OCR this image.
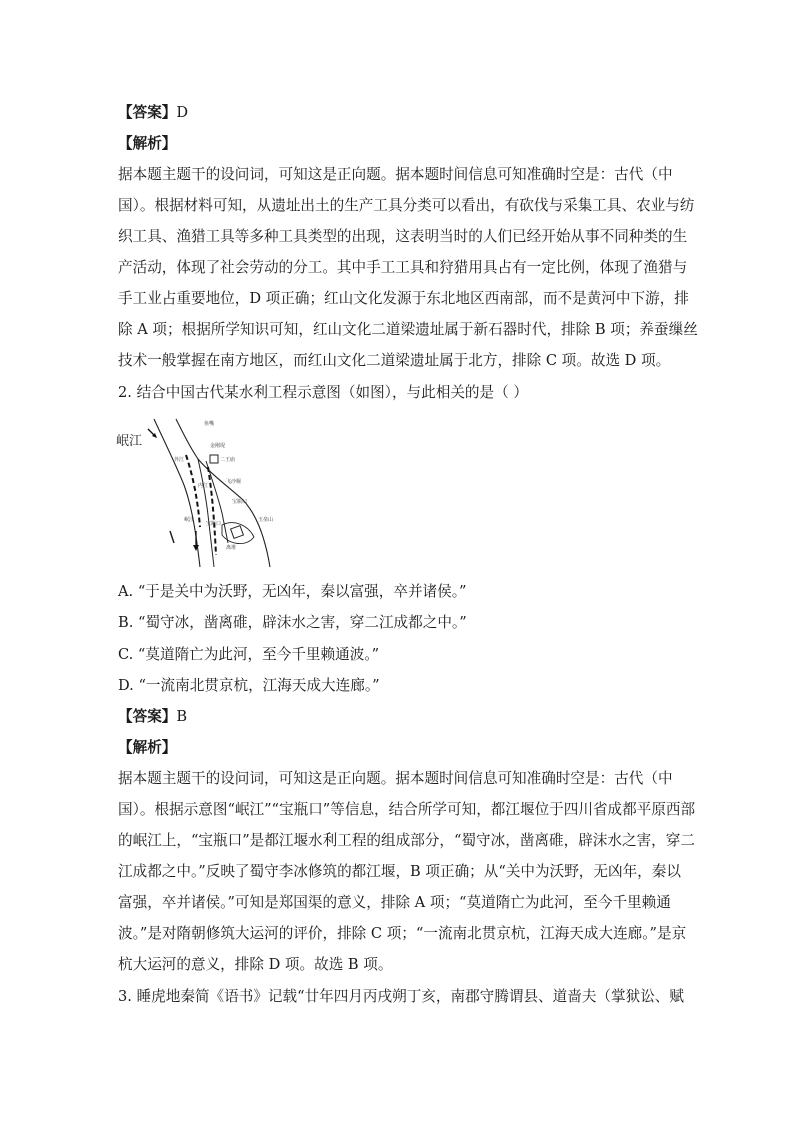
【答案】D
【解析】
据本题主题干的设问词，可知这是正向题。据本题时间信息可知准确时空是：古代（中
国）。根据材料可知，从遗址出土的生产工具分类可以看出，有砍伐与采集工具、农业与纺
织工具、渔猎工具等多种工具类型的出现，这表明当时的人们已经开始从事不同种类的生
产活动，体现了社会劳动的分工。其中手工工具和狩猎用具占有一定比例，体现了渔猎与
手工业占重要地位，D 项正确；红山文化发源于东北地区西南部，而不是黄河中下游，排
除 A 项；根据所学知识可知，红山文化二道梁遗址属于新石器时代，排除 B 项；养蚕缫丝
技术一般掌握在南方地区，而红山文化二道梁遗址属于北方，排除 C 项。故选 D 项。
2. 结合中国古代某水利工程示意图（如图），与此相关的是（ ）
岷江
鱼嘴
金刚堤
二王庙
飞沙堰
宝瓶口
玉垒山
离堆
内江
外江
岷江
宝瓶口
A. “于是关中为沃野，无凶年，秦以富强，卒并诸侯。”
B. “蜀守冰，凿离碓，辟沫水之害，穿二江成都之中。”
C. “莫道隋亡为此河，至今千里赖通波。”
D. “一流南北贯京杭，江海天成大连廊。”
【答案】B
【解析】
据本题主题干的设问词，可知这是正向题。据本题时间信息可知准确时空是：古代（中
国）。根据示意图“岷江”“宝瓶口”等信息，结合所学可知，都江堰位于四川省成都平原西部
的岷江上，“宝瓶口”是都江堰水利工程的组成部分，“蜀守冰，凿离碓，辟沫水之害，穿二
江成都之中。”反映了蜀守李冰修筑的都江堰，B 项正确；从“关中为沃野，无凶年，秦以
富强，卒并诸侯。”可知是郑国渠的意义，排除 A 项；“莫道隋亡为此河，至今千里赖通
波。”是对隋朝修筑大运河的评价，排除 C 项；“一流南北贯京杭，江海天成大连廊。”是京
杭大运河的意义，排除 D 项。故选 B 项。
3. 睡虎地秦简《语书》记载“廿年四月丙戌朔丁亥，南郡守腾谓县、道啬夫（掌狱讼、赋
